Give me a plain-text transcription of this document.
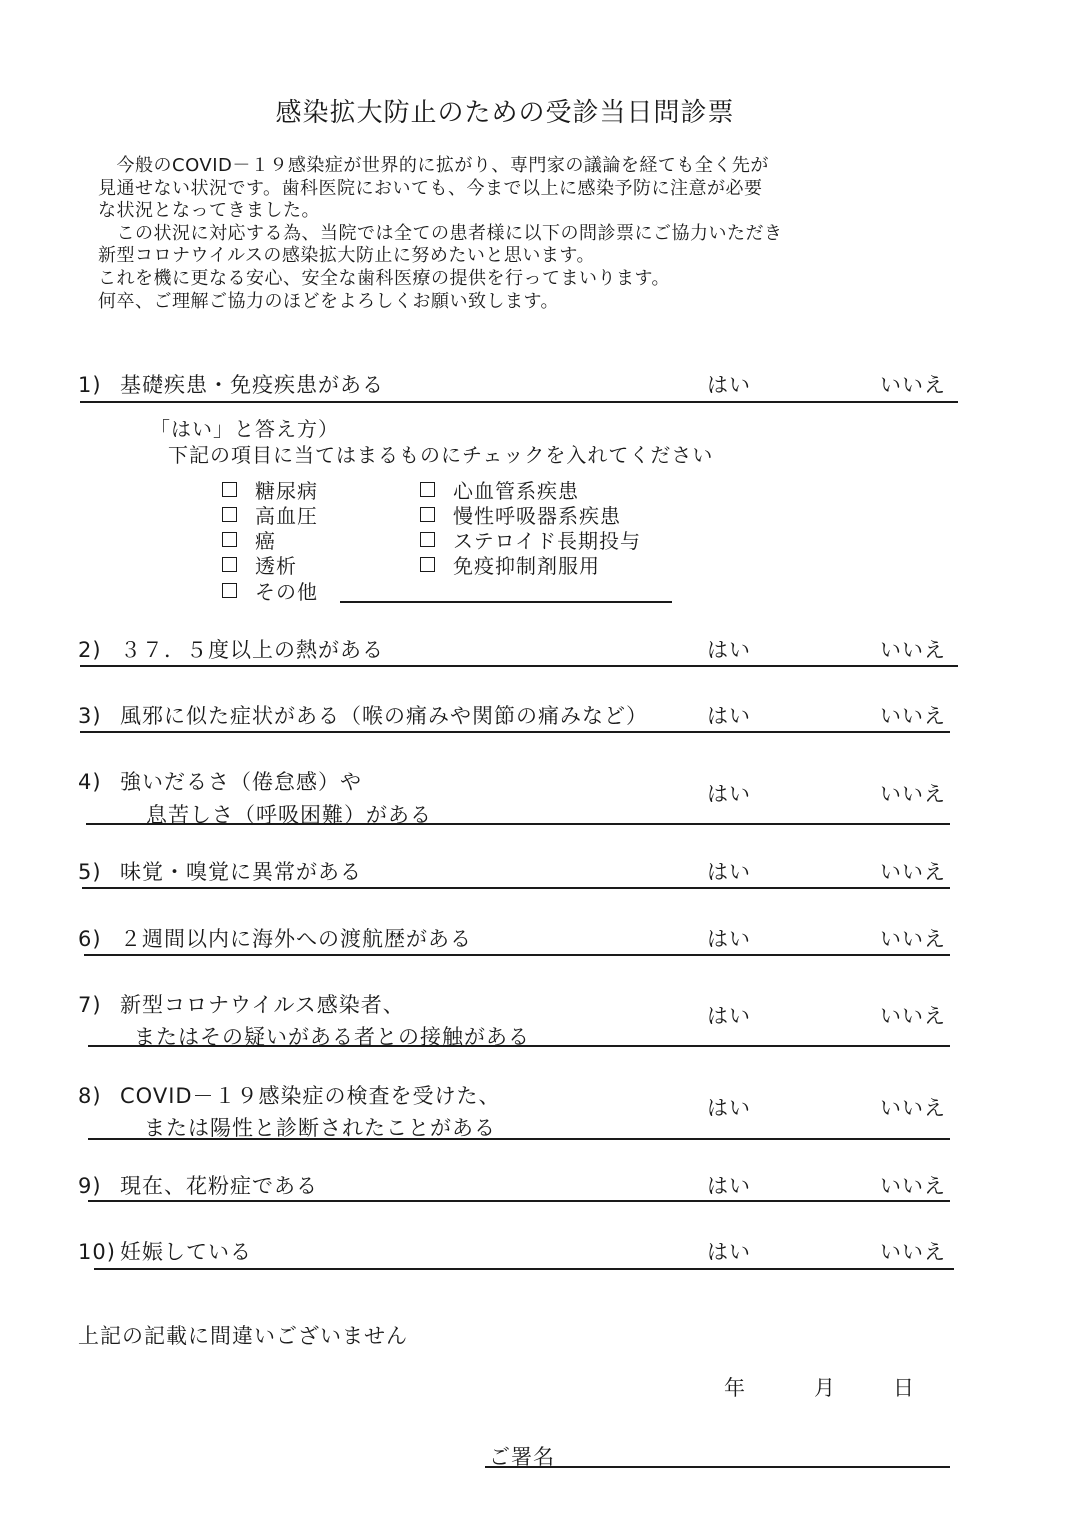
感染拡大防止のための受診当日問診票
　今般のCOVID－１９感染症が世界的に拡がり、専門家の議論を経ても全く先が
見通せない状況です。歯科医院においても、今まで以上に感染予防に注意が必要
な状況となってきました。
　この状況に対応する為、当院では全ての患者様に以下の問診票にご協力いただき
新型コロナウイルスの感染拡大防止に努めたいと思います。
これを機に更なる安心、安全な歯科医療の提供を行ってまいります。
何卒、ご理解ご協力のほどをよろしくお願い致します。
1) 基礎疾患・免疫疾患がある	はい	いいえ
「はい」と答え方）
下記の項目に当てはまるものにチェックを入れてください
糖尿病
高血圧
癌
透析
その他
心血管系疾患
慢性呼吸器系疾患
ステロイド長期投与
免疫抑制剤服用
2) ３７．５度以上の熱がある	はい	いいえ
3) 風邪に似た症状がある（喉の痛みや関節の痛みなど）	はい	いいえ
4) 強いだるさ（倦怠感）や
息苦しさ（呼吸困難）がある
はい	いいえ
5) 味覚・嗅覚に異常がある	はい	いいえ
6) ２週間以内に海外への渡航歴がある	はい	いいえ
7) 新型コロナウイルス感染者、
またはその疑いがある者との接触がある
はい	いいえ
8) COVID－１９感染症の検査を受けた、
または陽性と診断されたことがある
はい	いいえ
9) 現在、花粉症である	はい	いいえ
10) 妊娠している	はい	いいえ
上記の記載に間違いございません
年	月	日
ご署名
